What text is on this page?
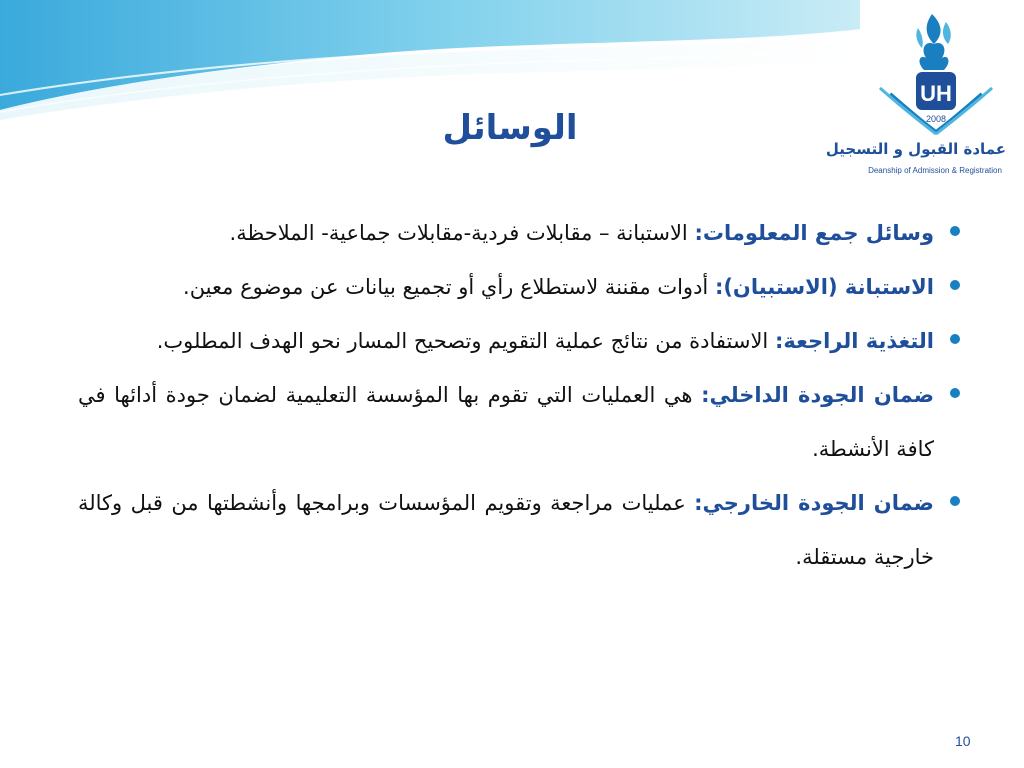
UH
2008
عمادة القبول و التسجيل
Deanship of Admission & Registration
الوسائل
وسائل جمع المعلومات: الاستبانة – مقابلات فردية-مقابلات جماعية- الملاحظة.
الاستبانة (الاستبيان): أدوات مقننة لاستطلاع رأي أو تجميع بيانات عن موضوع معين.
التغذية الراجعة: الاستفادة من نتائج عملية التقويم وتصحيح المسار نحو الهدف المطلوب.
ضمان الجودة الداخلي: هي العمليات التي تقوم بها المؤسسة التعليمية لضمان جودة أدائها في كافة الأنشطة.
ضمان الجودة الخارجي: عمليات مراجعة وتقويم المؤسسات وبرامجها وأنشطتها من قبل وكالة خارجية مستقلة.
10
